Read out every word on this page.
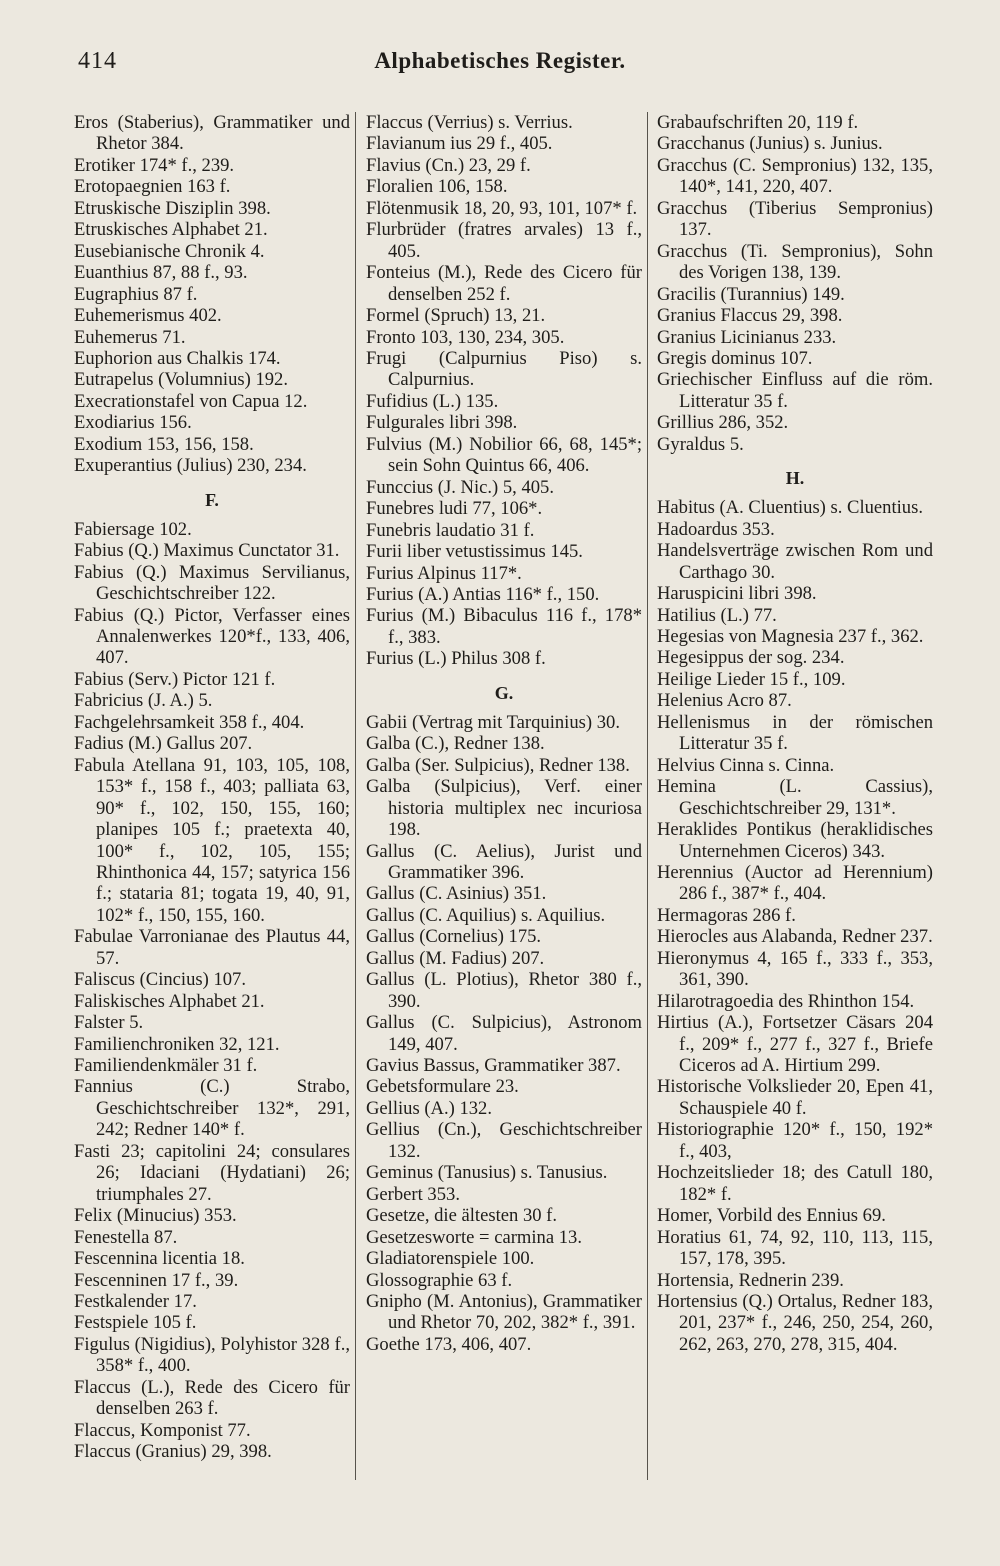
414	Alphabetisches Register.
Eros (Staberius), Grammatiker und Rhetor 384.
Erotiker 174* f., 239.
Erotopaegnien 163 f.
Etruskische Disziplin 398.
Etruskisches Alphabet 21.
Eusebianische Chronik 4.
Euanthius 87, 88 f., 93.
Eugraphius 87 f.
Euhemerismus 402.
Euhemerus 71.
Euphorion aus Chalkis 174.
Eutrapelus (Volumnius) 192.
Execrationstafel von Capua 12.
Exodiarius 156.
Exodium 153, 156, 158.
Exuperantius (Julius) 230, 234.
F.
Fabiersage 102.
Fabius (Q.) Maximus Cunctator 31.
Fabius (Q.) Maximus Servilianus, Geschichtschreiber 122.
Fabius (Q.) Pictor, Verfasser eines Annalenwerkes 120*f., 133, 406, 407.
Fabius (Serv.) Pictor 121 f.
Fabricius (J. A.) 5.
Fachgelehrsamkeit 358 f., 404.
Fadius (M.) Gallus 207.
Fabula Atellana 91, 103, 105, 108, 153* f., 158 f., 403; palliata 63, 90* f., 102, 150, 155, 160; planipes 105 f.; praetexta 40, 100* f., 102, 105, 155; Rhinthonica 44, 157; satyrica 156 f.; stataria 81; togata 19, 40, 91, 102* f., 150, 155, 160.
Fabulae Varronianae des Plautus 44, 57.
Faliscus (Cincius) 107.
Faliskisches Alphabet 21.
Falster 5.
Familienchroniken 32, 121.
Familiendenkmäler 31 f.
Fannius (C.) Strabo, Geschichtschreiber 132*, 291, 242; Redner 140* f.
Fasti 23; capitolini 24; consulares 26; Idaciani (Hydatiani) 26; triumphales 27.
Felix (Minucius) 353.
Fenestella 87.
Fescennina licentia 18.
Fescenninen 17 f., 39.
Festkalender 17.
Festspiele 105 f.
Figulus (Nigidius), Polyhistor 328 f., 358* f., 400.
Flaccus (L.), Rede des Cicero für denselben 263 f.
Flaccus, Komponist 77.
Flaccus (Granius) 29, 398.
Flaccus (Verrius) s. Verrius.
Flavianum ius 29 f., 405.
Flavius (Cn.) 23, 29 f.
Floralien 106, 158.
Flötenmusik 18, 20, 93, 101, 107* f.
Flurbrüder (fratres arvales) 13 f., 405.
Fonteius (M.), Rede des Cicero für denselben 252 f.
Formel (Spruch) 13, 21.
Fronto 103, 130, 234, 305.
Frugi (Calpurnius Piso) s. Calpurnius.
Fufidius (L.) 135.
Fulgurales libri 398.
Fulvius (M.) Nobilior 66, 68, 145*; sein Sohn Quintus 66, 406.
Funccius (J. Nic.) 5, 405.
Funebres ludi 77, 106*.
Funebris laudatio 31 f.
Furii liber vetustissimus 145.
Furius Alpinus 117*.
Furius (A.) Antias 116* f., 150.
Furius (M.) Bibaculus 116 f., 178* f., 383.
Furius (L.) Philus 308 f.
G.
Gabii (Vertrag mit Tarquinius) 30.
Galba (C.), Redner 138.
Galba (Ser. Sulpicius), Redner 138.
Galba (Sulpicius), Verf. einer historia multiplex nec incuriosa 198.
Gallus (C. Aelius), Jurist und Grammatiker 396.
Gallus (C. Asinius) 351.
Gallus (C. Aquilius) s. Aquilius.
Gallus (Cornelius) 175.
Gallus (M. Fadius) 207.
Gallus (L. Plotius), Rhetor 380 f., 390.
Gallus (C. Sulpicius), Astronom 149, 407.
Gavius Bassus, Grammatiker 387.
Gebetsformulare 23.
Gellius (A.) 132.
Gellius (Cn.), Geschichtschreiber 132.
Geminus (Tanusius) s. Tanusius.
Gerbert 353.
Gesetze, die ältesten 30 f.
Gesetzesworte = carmina 13.
Gladiatorenspiele 100.
Glossographie 63 f.
Gnipho (M. Antonius), Grammatiker und Rhetor 70, 202, 382* f., 391.
Goethe 173, 406, 407.
Grabaufschriften 20, 119 f.
Gracchanus (Junius) s. Junius.
Gracchus (C. Sempronius) 132, 135, 140*, 141, 220, 407.
Gracchus (Tiberius Sempronius) 137.
Gracchus (Ti. Sempronius), Sohn des Vorigen 138, 139.
Gracilis (Turannius) 149.
Granius Flaccus 29, 398.
Granius Licinianus 233.
Gregis dominus 107.
Griechischer Einfluss auf die röm. Litteratur 35 f.
Grillius 286, 352.
Gyraldus 5.
H.
Habitus (A. Cluentius) s. Cluentius.
Hadoardus 353.
Handelsverträge zwischen Rom und Carthago 30.
Haruspicini libri 398.
Hatilius (L.) 77.
Hegesias von Magnesia 237 f., 362.
Hegesippus der sog. 234.
Heilige Lieder 15 f., 109.
Helenius Acro 87.
Hellenismus in der römischen Litteratur 35 f.
Helvius Cinna s. Cinna.
Hemina (L. Cassius), Geschichtschreiber 29, 131*.
Heraklides Pontikus (heraklidisches Unternehmen Ciceros) 343.
Herennius (Auctor ad Herennium) 286 f., 387* f., 404.
Hermagoras 286 f.
Hierocles aus Alabanda, Redner 237.
Hieronymus 4, 165 f., 333 f., 353, 361, 390.
Hilarotragoedia des Rhinthon 154.
Hirtius (A.), Fortsetzer Cäsars 204 f., 209* f., 277 f., 327 f., Briefe Ciceros ad A. Hirtium 299.
Historische Volkslieder 20, Epen 41, Schauspiele 40 f.
Historiographie 120* f., 150, 192* f., 403,
Hochzeitslieder 18; des Catull 180, 182* f.
Homer, Vorbild des Ennius 69.
Horatius 61, 74, 92, 110, 113, 115, 157, 178, 395.
Hortensia, Rednerin 239.
Hortensius (Q.) Ortalus, Redner 183, 201, 237* f., 246, 250, 254, 260, 262, 263, 270, 278, 315, 404.
